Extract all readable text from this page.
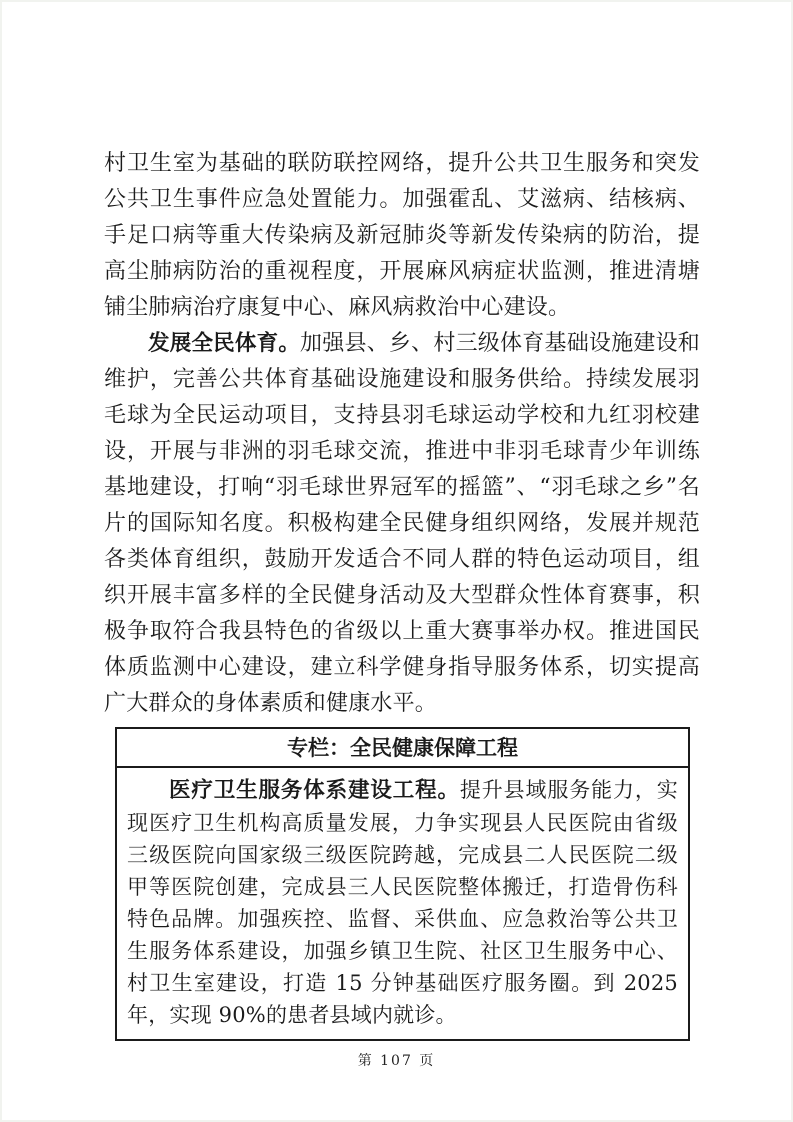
村卫生室为基础的联防联控网络，提升公共卫生服务和突发公共卫生事件应急处置能力。加强霍乱、艾滋病、结核病、手足口病等重大传染病及新冠肺炎等新发传染病的防治，提高尘肺病防治的重视程度，开展麻风病症状监测，推进清塘铺尘肺病治疗康复中心、麻风病救治中心建设。

发展全民体育。加强县、乡、村三级体育基础设施建设和维护，完善公共体育基础设施建设和服务供给。持续发展羽毛球为全民运动项目，支持县羽毛球运动学校和九红羽校建设，开展与非洲的羽毛球交流，推进中非羽毛球青少年训练基地建设，打响“羽毛球世界冠军的摇篮”、“羽毛球之乡”名片的国际知名度。积极构建全民健身组织网络，发展并规范各类体育组织，鼓励开发适合不同人群的特色运动项目，组织开展丰富多样的全民健身活动及大型群众性体育赛事，积极争取符合我县特色的省级以上重大赛事举办权。推进国民体质监测中心建设，建立科学健身指导服务体系，切实提高广大群众的身体素质和健康水平。

专栏：全民健康保障工程

医疗卫生服务体系建设工程。提升县域服务能力，实现医疗卫生机构高质量发展，力争实现县人民医院由省级三级医院向国家级三级医院跨越，完成县二人民医院二级甲等医院创建，完成县三人民医院整体搬迁，打造骨伤科特色品牌。加强疾控、监督、采供血、应急救治等公共卫生服务体系建设，加强乡镇卫生院、社区卫生服务中心、村卫生室建设，打造 15 分钟基础医疗服务圈。到 2025 年，实现 90%的患者县域内就诊。

第 107 页
